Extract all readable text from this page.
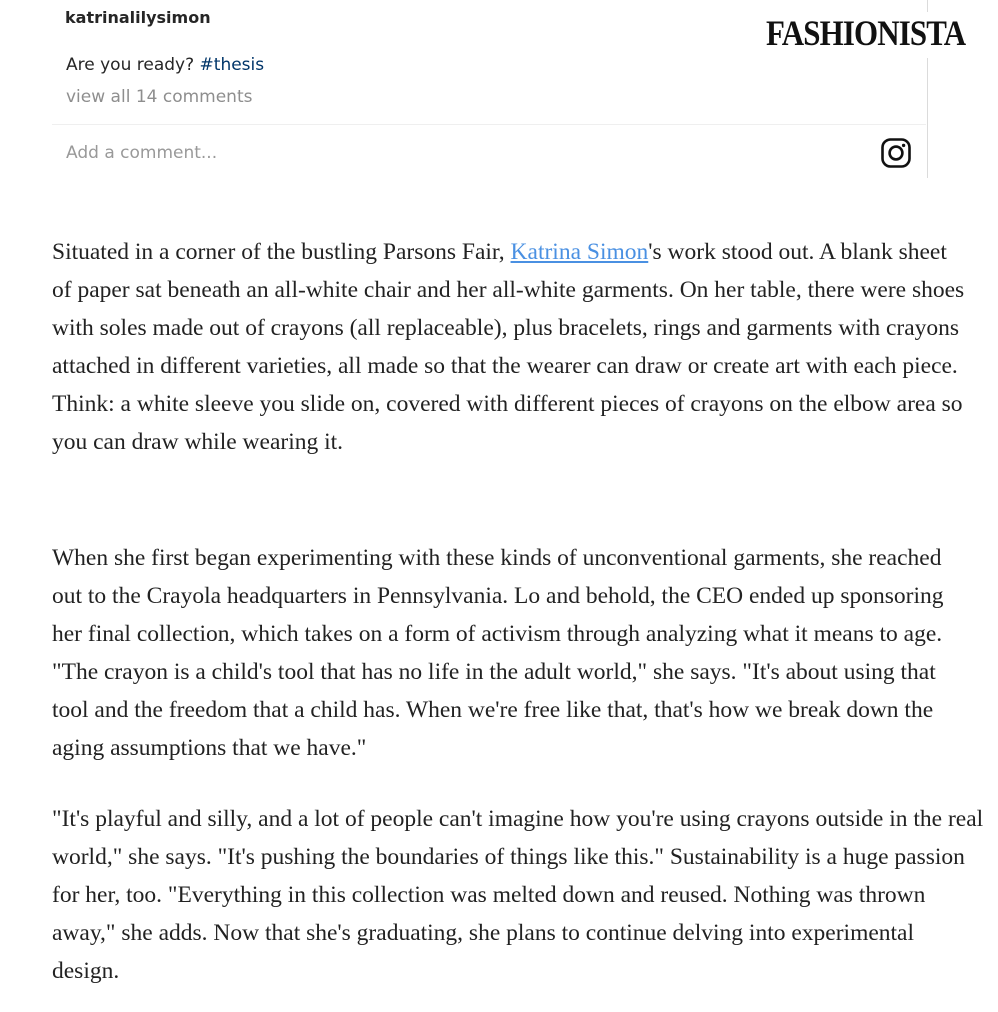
katrinalilysimon
Are you ready? #thesis
view all 14 comments
Add a comment...
FASHIONISTA

Situated in a corner of the bustling Parsons Fair, Katrina Simon's work stood out. A blank sheet of paper sat beneath an all-white chair and her all-white garments. On her table, there were shoes with soles made out of crayons (all replaceable), plus bracelets, rings and garments with crayons attached in different varieties, all made so that the wearer can draw or create art with each piece. Think: a white sleeve you slide on, covered with different pieces of crayons on the elbow area so you can draw while wearing it.

When she first began experimenting with these kinds of unconventional garments, she reached out to the Crayola headquarters in Pennsylvania. Lo and behold, the CEO ended up sponsoring her final collection, which takes on a form of activism through analyzing what it means to age. "The crayon is a child's tool that has no life in the adult world," she says. "It's about using that tool and the freedom that a child has. When we're free like that, that's how we break down the aging assumptions that we have."

"It's playful and silly, and a lot of people can't imagine how you're using crayons outside in the real world," she says. "It's pushing the boundaries of things like this." Sustainability is a huge passion for her, too. "Everything in this collection was melted down and reused. Nothing was thrown away," she adds. Now that she's graduating, she plans to continue delving into experimental design.
